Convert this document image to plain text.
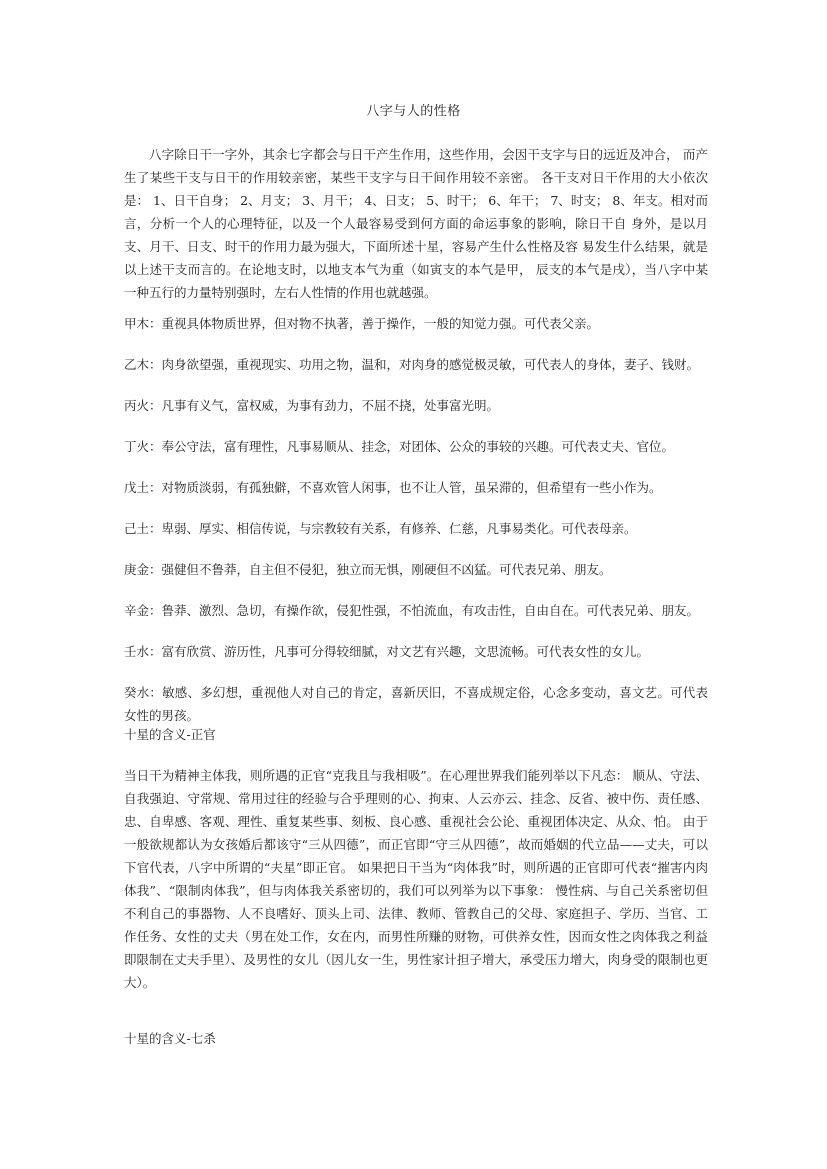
八字与人的性格

八字除日干一字外，其余七字都会与日干产生作用，这些作用，会因干支字与日的远近及冲合， 而产生了某些干支与日干的作用较亲密，某些干支字与日干间作用较不亲密。 各干支对日干作用的大小依次是： 1、日干自身； 2、月支； 3、月干； 4、日支； 5、时干； 6、年干； 7、时支； 8、年支。相对而言，分析一个人的心理特征，以及一个人最容易受到何方面的命运事象的影响，除日干自 身外，是以月支、月干、日支、时干的作用力最为强大，下面所述十星，容易产生什么性格及容 易发生什么结果，就是以上述干支而言的。在论地支时，以地支本气为重（如寅支的本气是甲， 辰支的本气是戌），当八字中某一种五行的力量特别强时，左右人性情的作用也就越强。

甲木：重视具体物质世界，但对物不执著，善于操作，一般的知觉力强。可代表父亲。

乙木：肉身欲望强，重视现实、功用之物，温和，对肉身的感觉极灵敏，可代表人的身体，妻子、钱财。

丙火：凡事有义气，富权威，为事有劲力，不屈不挠，处事富光明。

丁火：奉公守法，富有理性，凡事易顺从、挂念，对团体、公众的事较的兴趣。可代表丈夫、官位。

戊土：对物质淡弱，有孤独僻，不喜欢管人闲事，也不让人管，虽呆滞的，但希望有一些小作为。

己土：卑弱、厚实、相信传说，与宗教较有关系，有修养、仁慈，凡事易类化。可代表母亲。

庚金：强健但不鲁莽，自主但不侵犯，独立而无惧，刚硬但不凶猛。可代表兄弟、朋友。

辛金：鲁莽、激烈、急切，有操作欲，侵犯性强，不怕流血，有攻击性，自由自在。可代表兄弟、朋友。

壬水：富有欣赏、游历性，凡事可分得较细腻，对文艺有兴趣，文思流畅。可代表女性的女儿。

癸水：敏感、多幻想，重视他人对自己的肯定，喜新厌旧，不喜成规定俗，心念多变动，喜文艺。可代表女性的男孩。

十星的含义-正官

当日干为精神主体我，则所遇的正官“克我且与我相吸”。在心理世界我们能列举以下凡态： 顺从、守法、自我强迫、守常规、常用过往的经验与合乎理则的心、拘束、人云亦云、挂念、反省、被中伤、责任感、忠、自卑感、客观、理性、重复某些事、刻板、良心感、重视社会公论、重视团体决定、从众、怕。 由于一般欲规都认为女孩婚后都该守“三从四德”，而正官即“守三从四德”，故而婚姻的代立品——丈夫，可以下官代表，八字中所谓的“夫星”即正官。 如果把日干当为“肉体我”时，则所遇的正官即可代表“摧害内肉体我”、“限制肉体我”，但与肉体我关系密切的，我们可以列举为以下事象： 慢性病、与自己关系密切但不利自己的事器物、人不良嗜好、顶头上司、法律、教师、管教自己的父母、家庭担子、学历、当官、工作任务、女性的丈夫（男在处工作，女在内，而男性所赚的财物，可供养女性，因而女性之肉体我之利益即限制在丈夫手里）、及男性的女儿（因儿女一生，男性家计担子增大，承受压力增大，肉身受的限制也更大）。

十星的含义-七杀
